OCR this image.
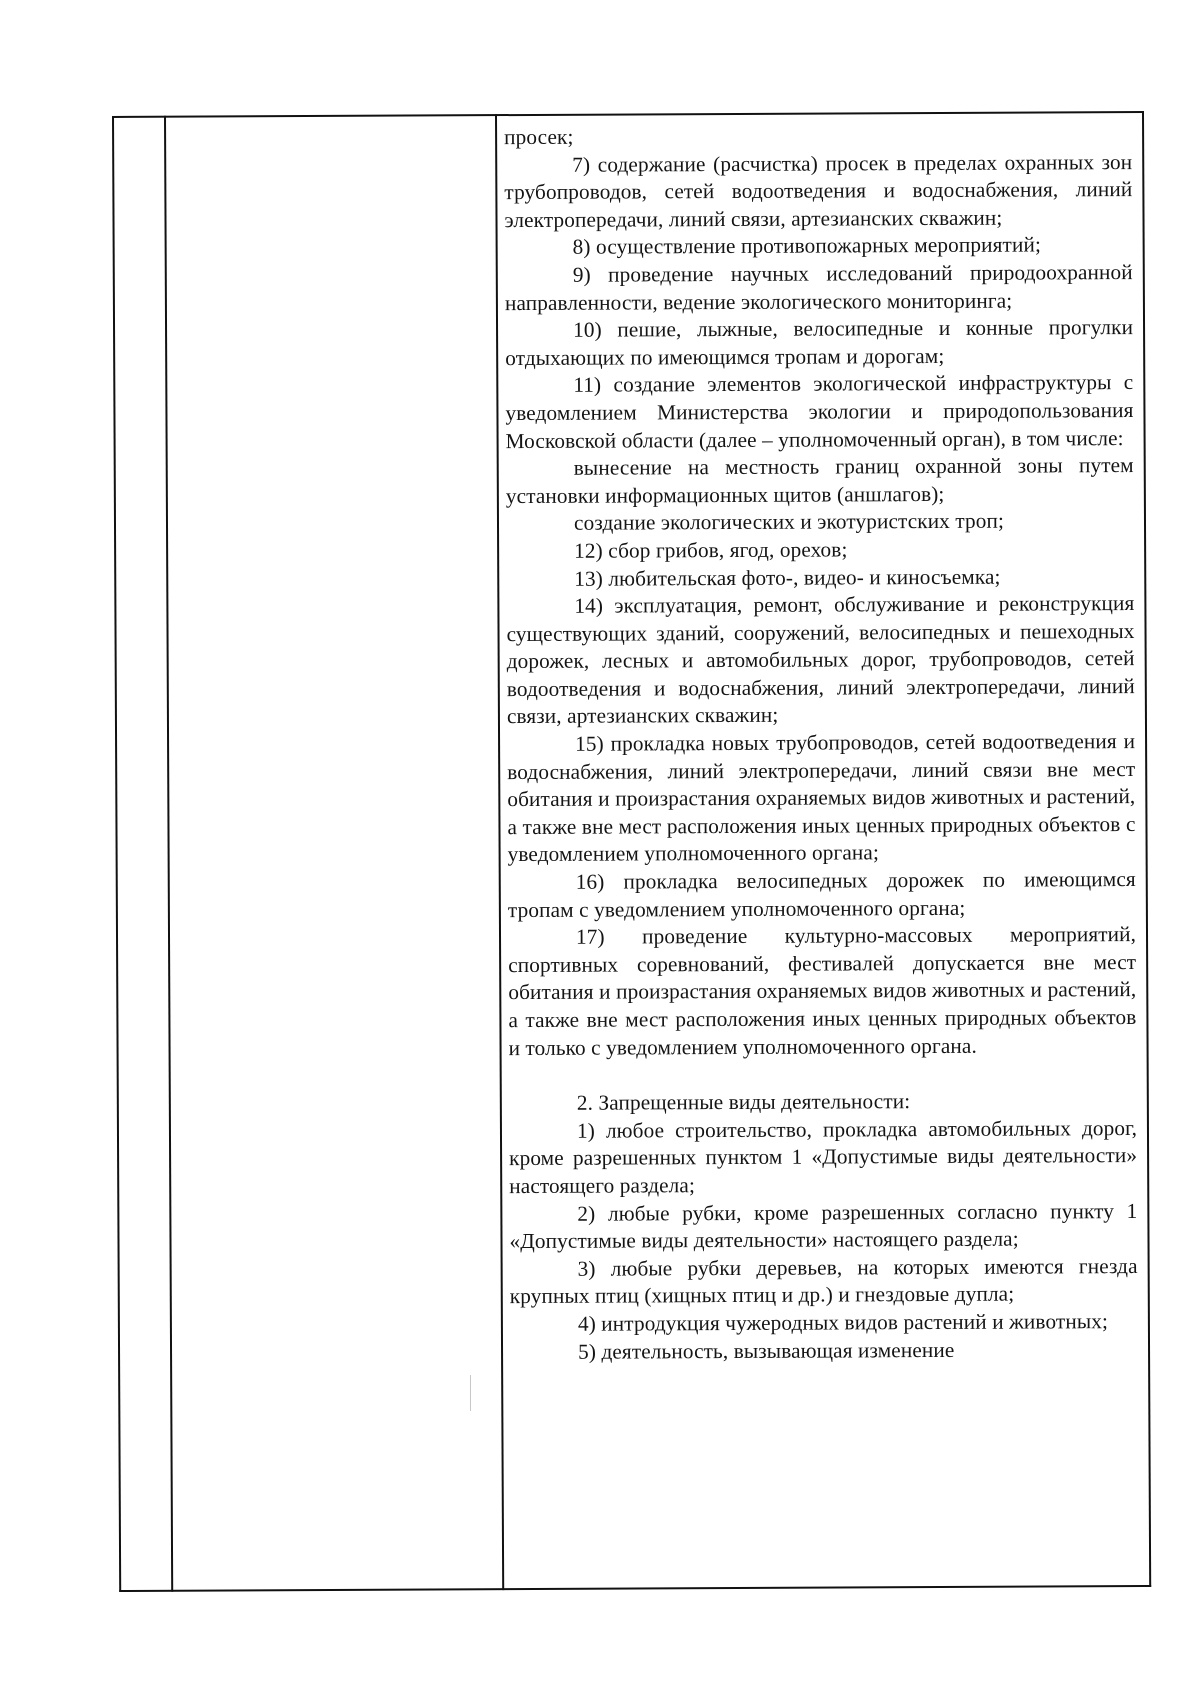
просек;

7) содержание (расчистка) просек в пределах охранных зон трубопроводов, сетей водоотведения и водоснабжения, линий электропередачи, линий связи, артезианских скважин;

8) осуществление противопожарных мероприятий;

9) проведение научных исследований природоохранной направленности, ведение экологического мониторинга;

10) пешие, лыжные, велосипедные и конные прогулки отдыхающих по имеющимся тропам и дорогам;

11) создание элементов экологической инфраструктуры с уведомлением Министерства экологии и природопользования Московской области (далее – уполномоченный орган), в том числе:

вынесение на местность границ охранной зоны путем установки информационных щитов (аншлагов);

создание экологических и экотуристских троп;

12) сбор грибов, ягод, орехов;

13) любительская фото-, видео- и киносъемка;

14) эксплуатация, ремонт, обслуживание и реконструкция существующих зданий, сооружений, велосипедных и пешеходных дорожек, лесных и автомобильных дорог, трубопроводов, сетей водоотведения и водоснабжения, линий электропередачи, линий связи, артезианских скважин;

15) прокладка новых трубопроводов, сетей водоотведения и водоснабжения, линий электропередачи, линий связи вне мест обитания и произрастания охраняемых видов животных и растений, а также вне мест расположения иных ценных природных объектов с уведомлением уполномоченного органа;

16) прокладка велосипедных дорожек по имеющимся тропам с уведомлением уполномоченного органа;

17) проведение культурно-массовых мероприятий, спортивных соревнований, фестивалей допускается вне мест обитания и произрастания охраняемых видов животных и растений, а также вне мест расположения иных ценных природных объектов и только с уведомлением уполномоченного органа.

2. Запрещенные виды деятельности:

1) любое строительство, прокладка автомобильных дорог, кроме разрешенных пунктом 1 «Допустимые виды деятельности» настоящего раздела;

2) любые рубки, кроме разрешенных согласно пункту 1 «Допустимые виды деятельности» настоящего раздела;

3) любые рубки деревьев, на которых имеются гнезда крупных птиц (хищных птиц и др.) и гнездовые дупла;

4) интродукция чужеродных видов растений и животных;

5) деятельность, вызывающая изменение
